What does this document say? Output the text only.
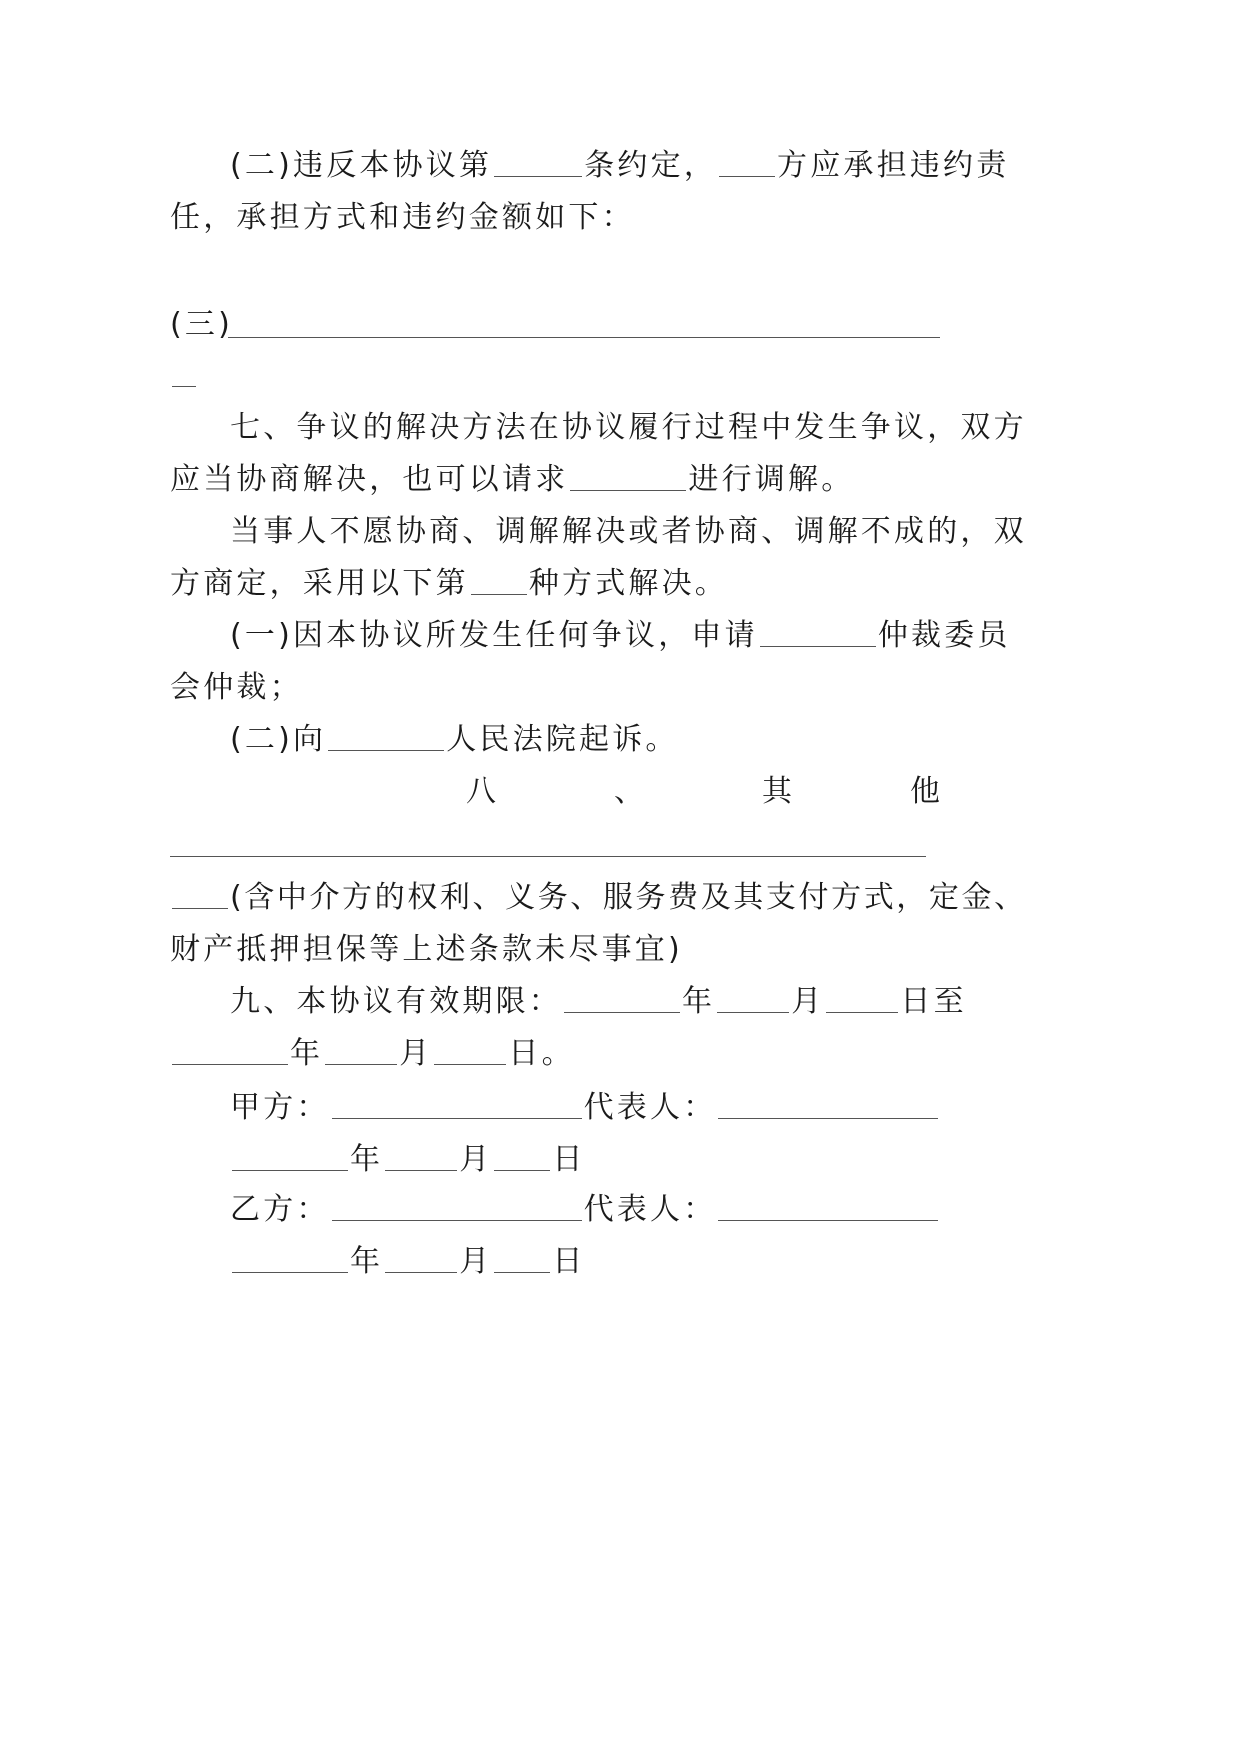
(二)违反本协议第	条约定， 方应承担违约责
任，承担方式和违约金额如下：
(三)
七、争议的解决方法在协议履行过程中发生争议，双方
应当协商解决，也可以请求	进行调解。
当事人不愿协商、调解解决或者协商、调解不成的，双
方商定，采用以下第 种方式解决。
(一)因本协议所发生任何争议，申请	仲裁委员
会仲裁；
(二)向	人民法院起诉。
八	、	其	他
(含中介方的权利、义务、服务费及其支付方式，定金、
财产抵押担保等上述条款未尽事宜)
九、本协议有效期限：	年	月	日至
年	月	日。
甲方：	代表人：
年	月 日
乙方：	代表人：
年	月 日
